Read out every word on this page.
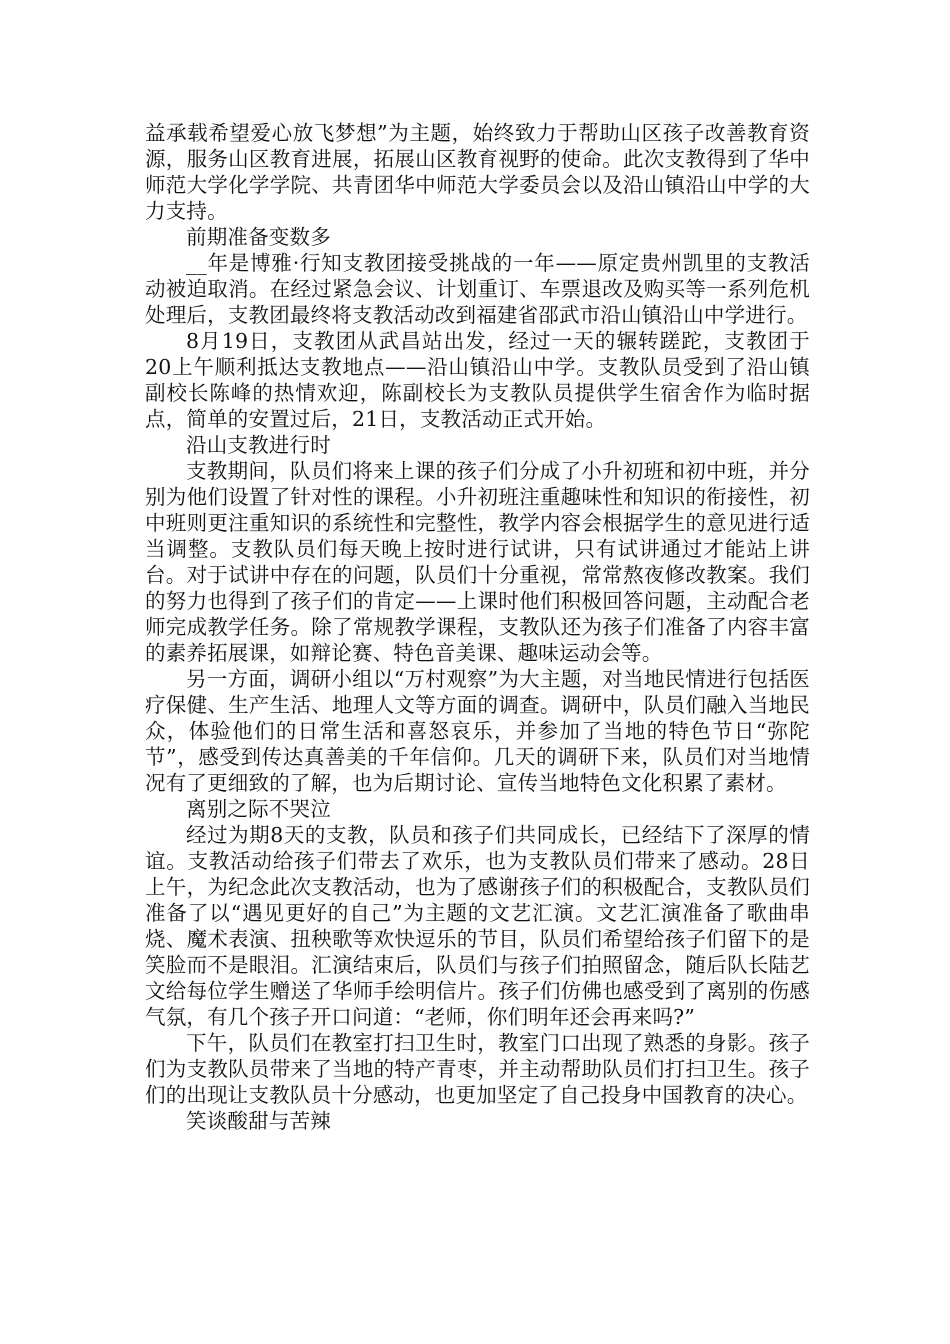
益承载希望爱心放飞梦想”为主题，始终致力于帮助山区孩子改善教育资源，服务山区教育进展，拓展山区教育视野的使命。此次支教得到了华中师范大学化学学院、共青团华中师范大学委员会以及沿山镇沿山中学的大力支持。

前期准备变数多

__年是博雅·行知支教团接受挑战的一年——原定贵州凯里的支教活动被迫取消。在经过紧急会议、计划重订、车票退改及购买等一系列危机处理后，支教团最终将支教活动改到福建省邵武市沿山镇沿山中学进行。

8月19日，支教团从武昌站出发，经过一天的辗转蹉跎，支教团于20上午顺利抵达支教地点——沿山镇沿山中学。支教队员受到了沿山镇副校长陈峰的热情欢迎，陈副校长为支教队员提供学生宿舍作为临时据点，简单的安置过后，21日，支教活动正式开始。

沿山支教进行时

支教期间，队员们将来上课的孩子们分成了小升初班和初中班，并分别为他们设置了针对性的课程。小升初班注重趣味性和知识的衔接性，初中班则更注重知识的系统性和完整性，教学内容会根据学生的意见进行适当调整。支教队员们每天晚上按时进行试讲，只有试讲通过才能站上讲台。对于试讲中存在的问题，队员们十分重视，常常熬夜修改教案。我们的努力也得到了孩子们的肯定——上课时他们积极回答问题，主动配合老师完成教学任务。除了常规教学课程，支教队还为孩子们准备了内容丰富的素养拓展课，如辩论赛、特色音美课、趣味运动会等。

另一方面，调研小组以“万村观察”为大主题，对当地民情进行包括医疗保健、生产生活、地理人文等方面的调查。调研中，队员们融入当地民众，体验他们的日常生活和喜怒哀乐，并参加了当地的特色节日“弥陀节”，感受到传达真善美的千年信仰。几天的调研下来，队员们对当地情况有了更细致的了解，也为后期讨论、宣传当地特色文化积累了素材。

离别之际不哭泣

经过为期8天的支教，队员和孩子们共同成长，已经结下了深厚的情谊。支教活动给孩子们带去了欢乐，也为支教队员们带来了感动。28日上午，为纪念此次支教活动，也为了感谢孩子们的积极配合，支教队员们准备了以“遇见更好的自己”为主题的文艺汇演。文艺汇演准备了歌曲串烧、魔术表演、扭秧歌等欢快逗乐的节目，队员们希望给孩子们留下的是笑脸而不是眼泪。汇演结束后，队员们与孩子们拍照留念，随后队长陆艺文给每位学生赠送了华师手绘明信片。孩子们仿佛也感受到了离别的伤感气氛，有几个孩子开口问道：“老师，你们明年还会再来吗?”

下午，队员们在教室打扫卫生时，教室门口出现了熟悉的身影。孩子们为支教队员带来了当地的特产青枣，并主动帮助队员们打扫卫生。孩子们的出现让支教队员十分感动，也更加坚定了自己投身中国教育的决心。

笑谈酸甜与苦辣
